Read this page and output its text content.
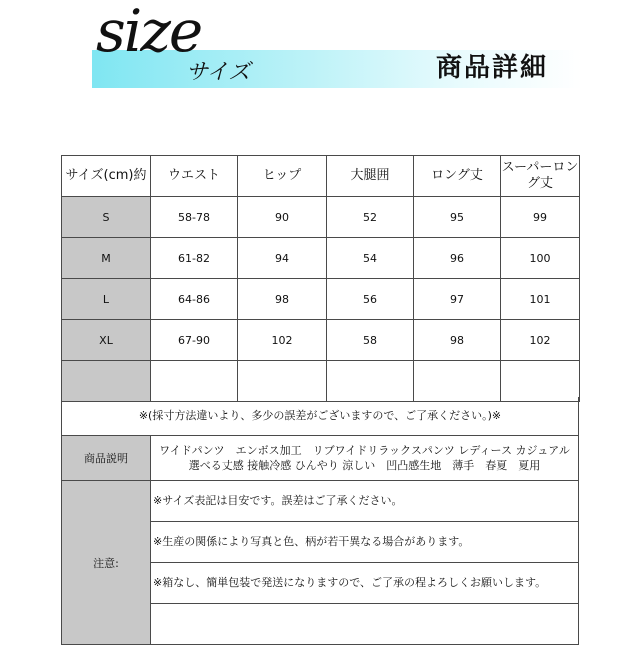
size
サイズ	商品詳細
サイズ(cm)約	ウエスト	ヒップ	大腿囲	ロング丈	スーパーロング丈
S	58-78	90	52	95	99
M	61-82	94	54	96	100
L	64-86	98	56	97	101
XL	67-90	102	58	98	102

※(採寸方法違いより、多少の誤差がございますので、ご了承ください。)※
商品説明	ワイドパンツ　エンボス加工　リブワイドリラックスパンツ レディース カジュアル 選べる丈感 接触冷感 ひんやり 涼しい　凹凸感生地　薄手　春夏　夏用
注意:	※サイズ表記は目安です。誤差はご了承ください。
※生産の関係により写真と色、柄が若干異なる場合があります。
※箱なし、簡単包装で発送になりますので、ご了承の程よろしくお願いします。
